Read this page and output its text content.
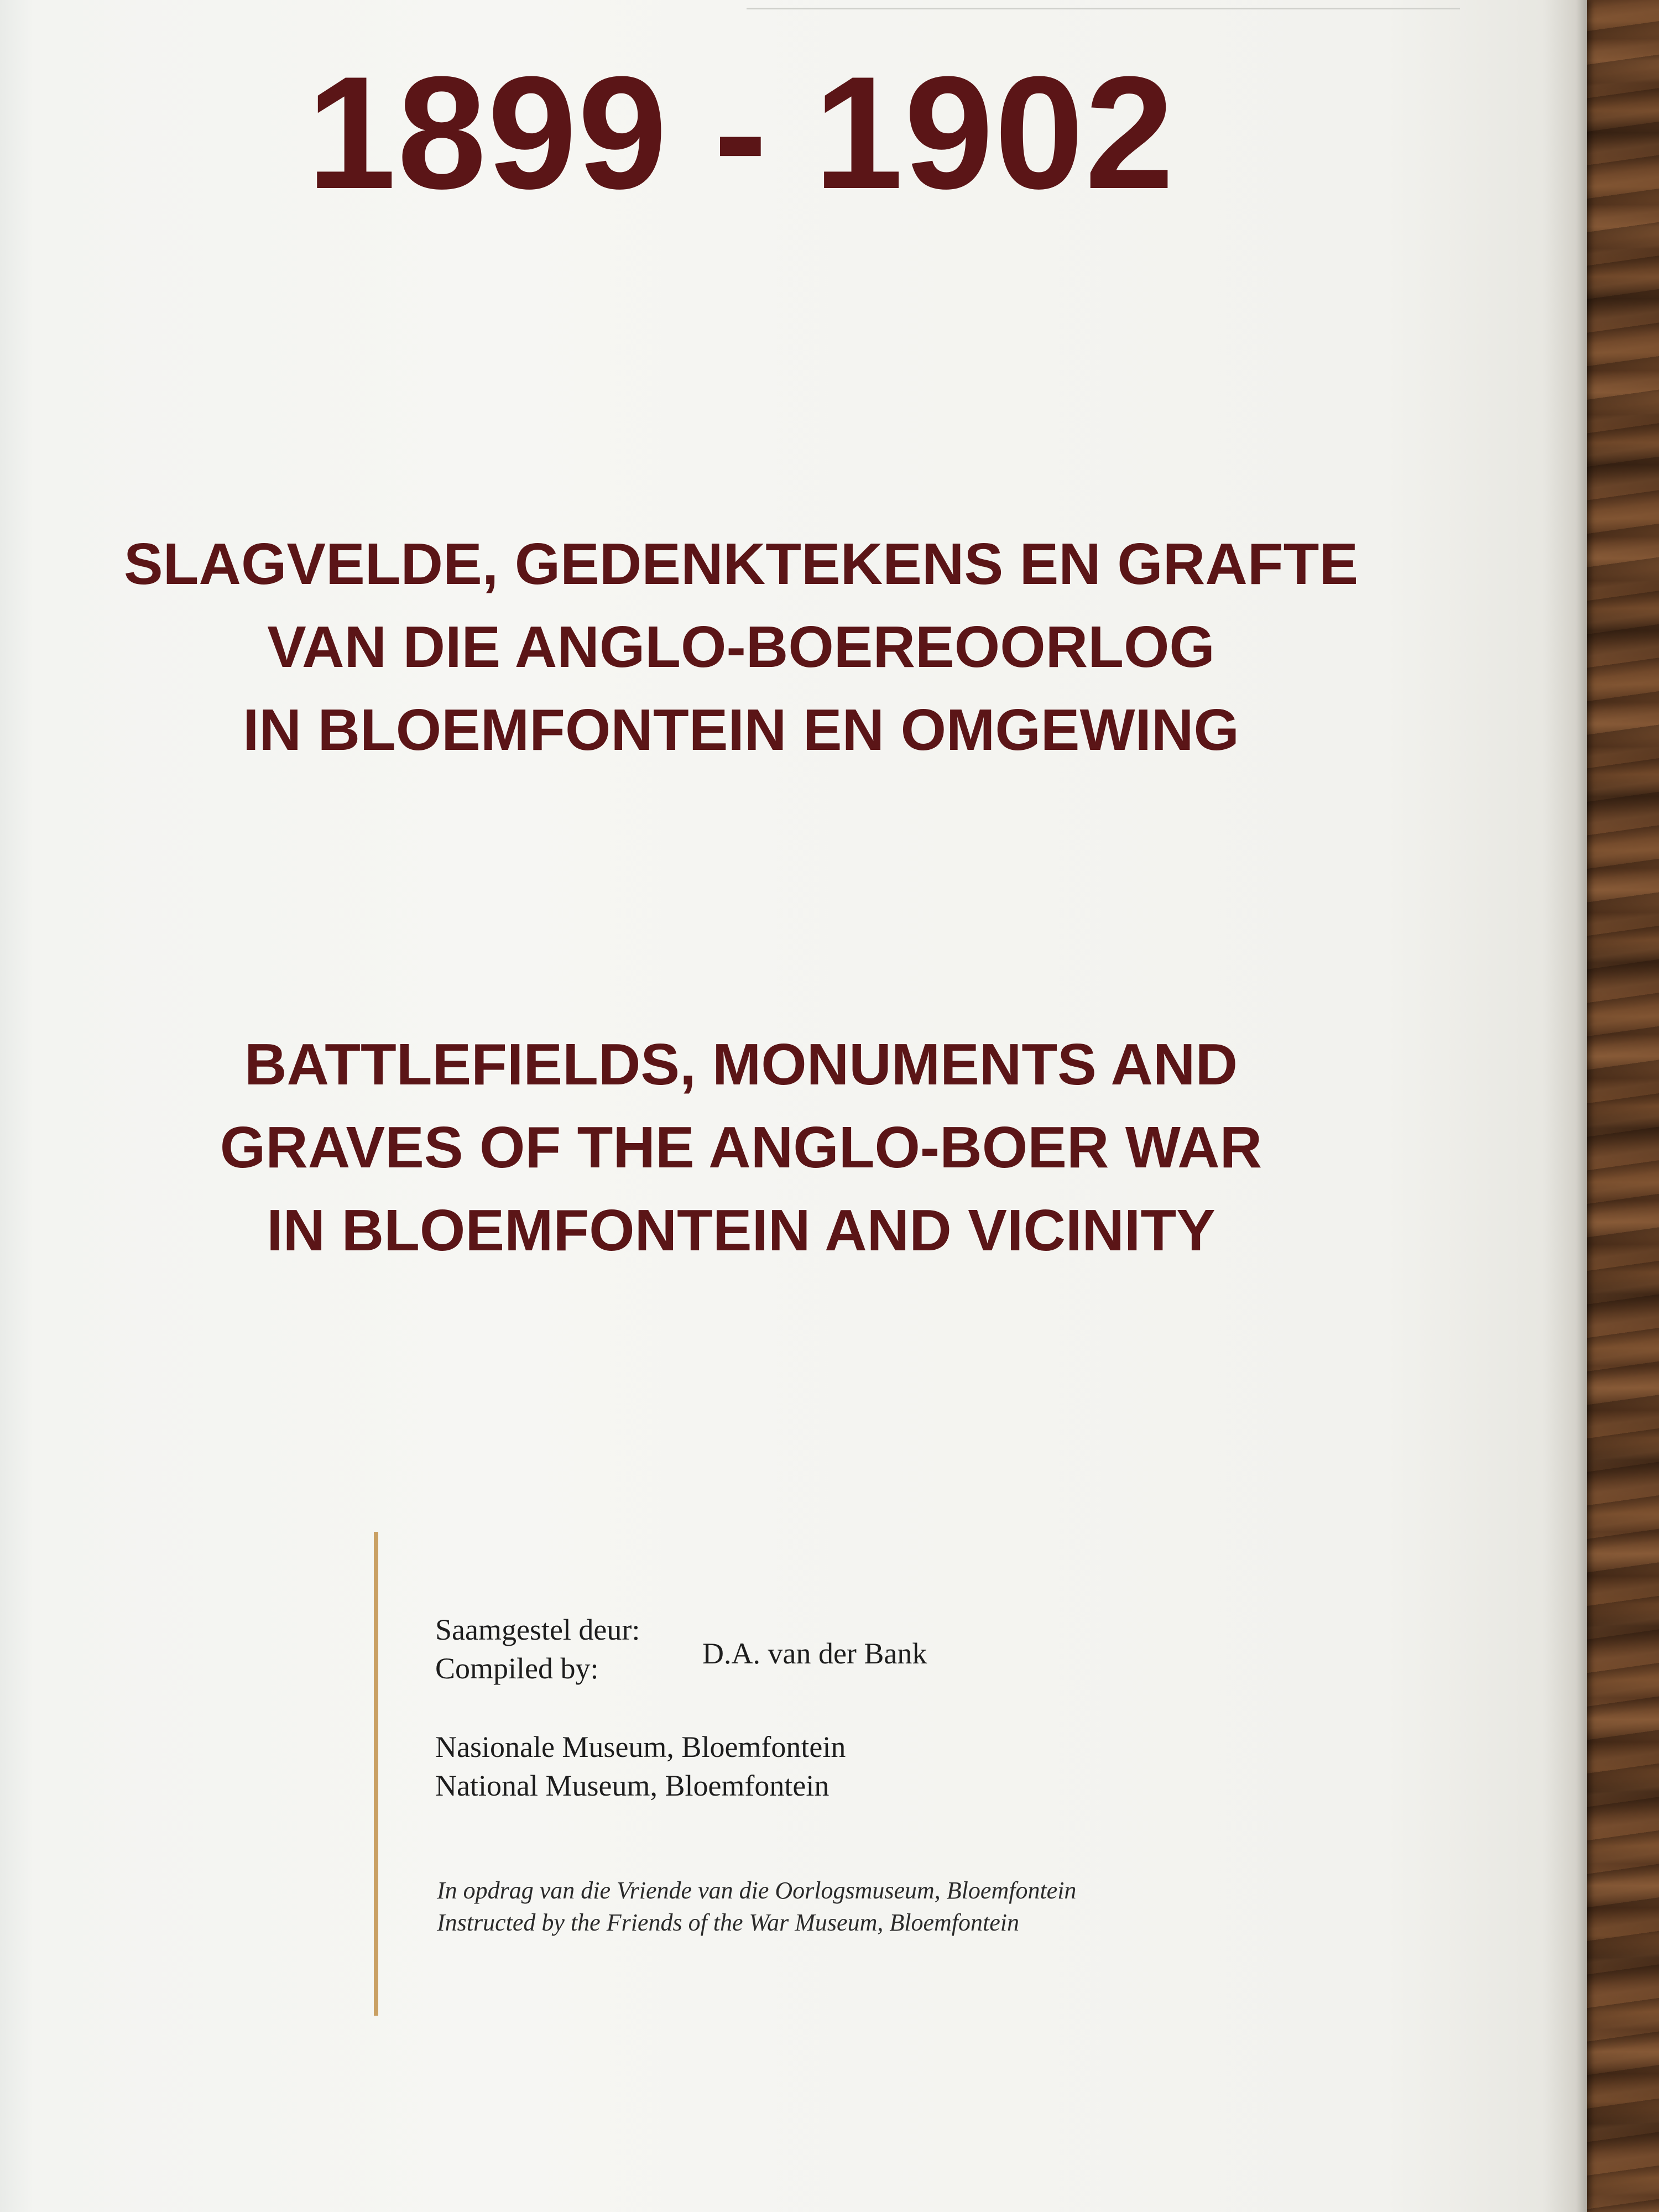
1899 - 1902
SLAGVELDE, GEDENKTEKENS EN GRAFTE
VAN DIE ANGLO-BOEREOORLOG
IN BLOEMFONTEIN EN OMGEWING
BATTLEFIELDS, MONUMENTS AND
GRAVES OF THE ANGLO-BOER WAR
IN BLOEMFONTEIN AND VICINITY
Saamgestel deur:
Compiled by:	D.A. van der Bank
Nasionale Museum, Bloemfontein
National Museum, Bloemfontein
In opdrag van die Vriende van die Oorlogsmuseum, Bloemfontein
Instructed by the Friends of the War Museum, Bloemfontein
